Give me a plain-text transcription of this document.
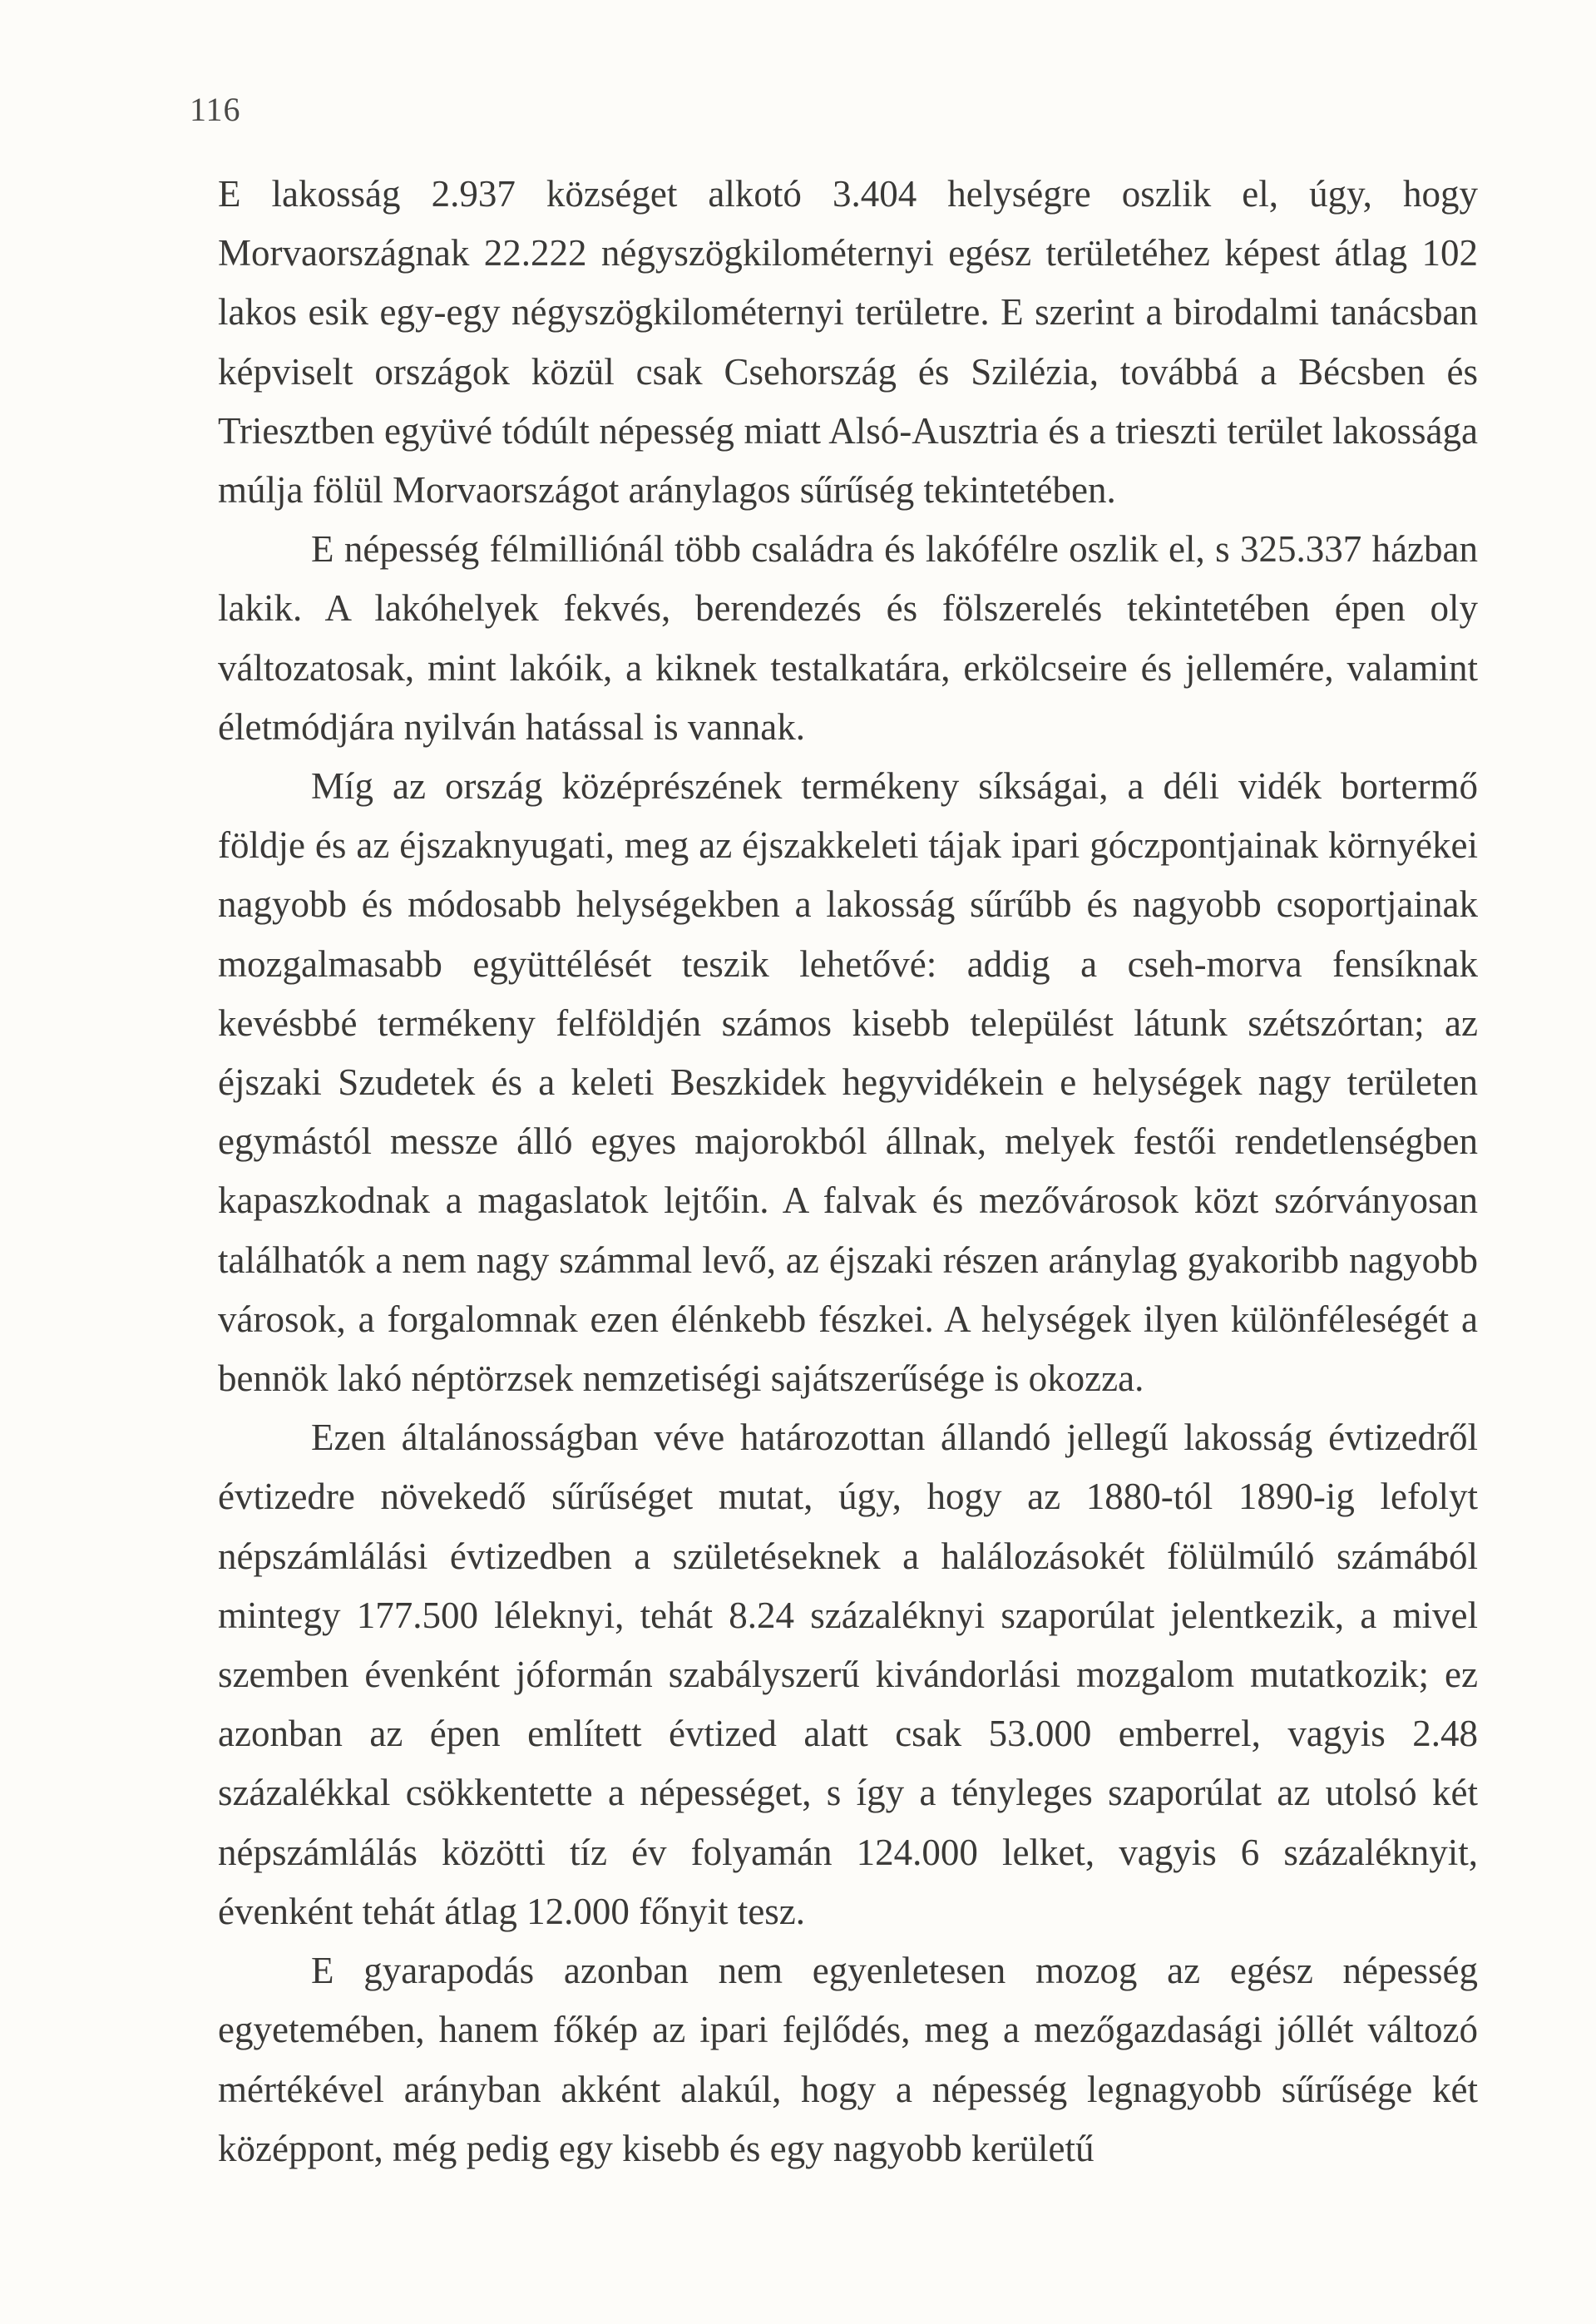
116

E lakosság 2.937 községet alkotó 3.404 helységre oszlik el, úgy, hogy Morvaországnak 22.222 négyszögkilométernyi egész területéhez képest átlag 102 lakos esik egy-egy négyszögkilométernyi területre. E szerint a birodalmi tanácsban képviselt országok közül csak Csehország és Szilézia, továbbá a Bécsben és Triesztben együvé tódúlt népesség miatt Alsó-Ausztria és a trieszti terület lakossága múlja fölül Morvaországot aránylagos sűrűség tekintetében.

E népesség félmilliónál több családra és lakófélre oszlik el, s 325.337 házban lakik. A lakóhelyek fekvés, berendezés és fölszerelés tekintetében épen oly változatosak, mint lakóik, a kiknek testalkatára, erkölcseire és jellemére, valamint életmódjára nyilván hatással is vannak.

Míg az ország középrészének termékeny síkságai, a déli vidék bortermő földje és az éjszaknyugati, meg az éjszakkeleti tájak ipari góczpontjainak környékei nagyobb és módosabb helységekben a lakosság sűrűbb és nagyobb csoportjainak mozgalmasabb együttélését teszik lehetővé: addig a cseh-morva fensíknak kevésbbé termékeny felföldjén számos kisebb települést látunk szétszórtan; az éjszaki Szudetek és a keleti Beszkidek hegyvidékein e helységek nagy területen egymástól messze álló egyes majorokból állnak, melyek festői rendetlenségben kapaszkodnak a magaslatok lejtőin. A falvak és mezővárosok közt szórványosan találhatók a nem nagy számmal levő, az éjszaki részen aránylag gyakoribb nagyobb városok, a forgalomnak ezen élénkebb fészkei. A helységek ilyen különféleségét a bennök lakó néptörzsek nemzetiségi sajátszerűsége is okozza.

Ezen általánosságban véve határozottan állandó jellegű lakosság évtizedről évtizedre növekedő sűrűséget mutat, úgy, hogy az 1880-tól 1890-ig lefolyt népszámlálási évtizedben a születéseknek a halálozásokét fölülmúló számából mintegy 177.500 léleknyi, tehát 8.24 százaléknyi szaporúlat jelentkezik, a mivel szemben évenként jóformán szabályszerű kivándorlási mozgalom mutatkozik; ez azonban az épen említett évtized alatt csak 53.000 emberrel, vagyis 2.48 százalékkal csökkentette a népességet, s így a tényleges szaporúlat az utolsó két népszámlálás közötti tíz év folyamán 124.000 lelket, vagyis 6 százaléknyit, évenként tehát átlag 12.000 főnyit tesz.

E gyarapodás azonban nem egyenletesen mozog az egész népesség egyetemében, hanem főkép az ipari fejlődés, meg a mezőgazdasági jóllét változó mértékével arányban akként alakúl, hogy a népesség legnagyobb sűrűsége két középpont, még pedig egy kisebb és egy nagyobb kerületű
